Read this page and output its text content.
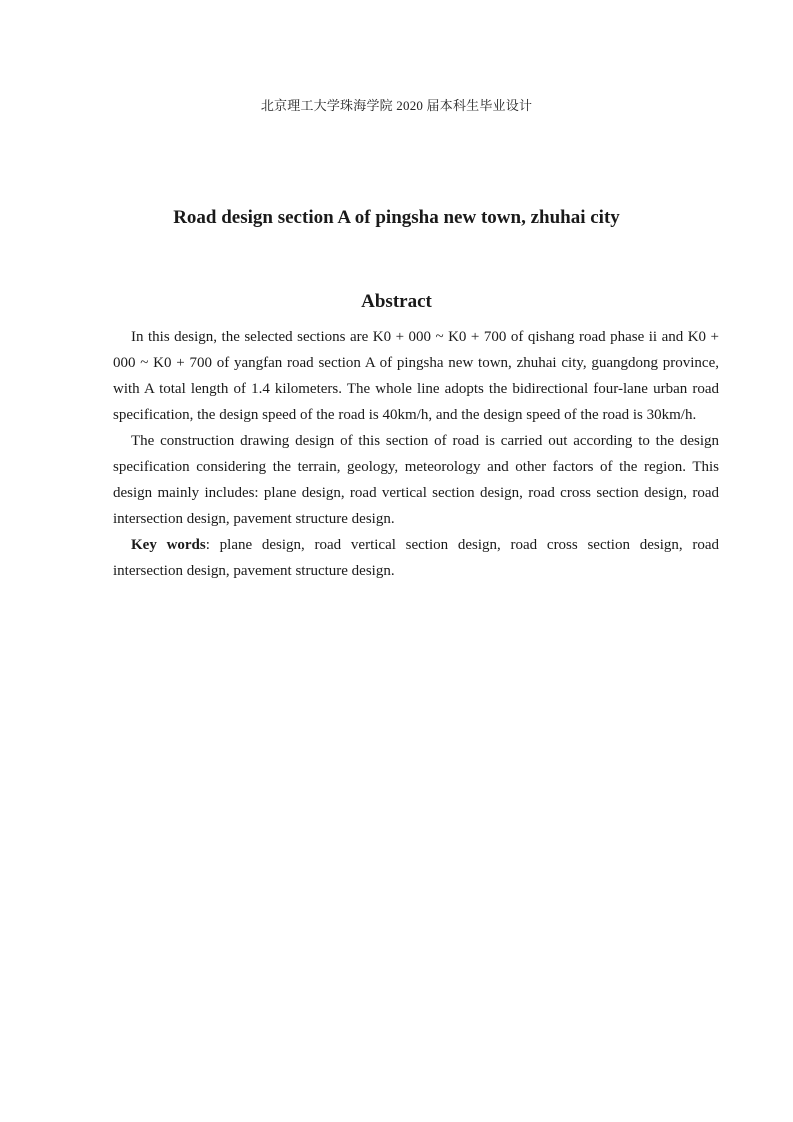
北京理工大学珠海学院 2020 届本科生毕业设计
Road design section A of pingsha new town, zhuhai city
Abstract

In this design, the selected sections are K0 + 000 ~ K0 + 700 of qishang road phase ii and K0 + 000 ~ K0 + 700 of yangfan road section A of pingsha new town, zhuhai city, guangdong province, with A total length of 1.4 kilometers. The whole line adopts the bidirectional four-lane urban road specification, the design speed of the road is 40km/h, and the design speed of the road is 30km/h.

The construction drawing design of this section of road is carried out according to the design specification considering the terrain, geology, meteorology and other factors of the region. This design mainly includes: plane design, road vertical section design, road cross section design, road intersection design, pavement structure design.

Key words: plane design, road vertical section design, road cross section design, road intersection design, pavement structure design.
